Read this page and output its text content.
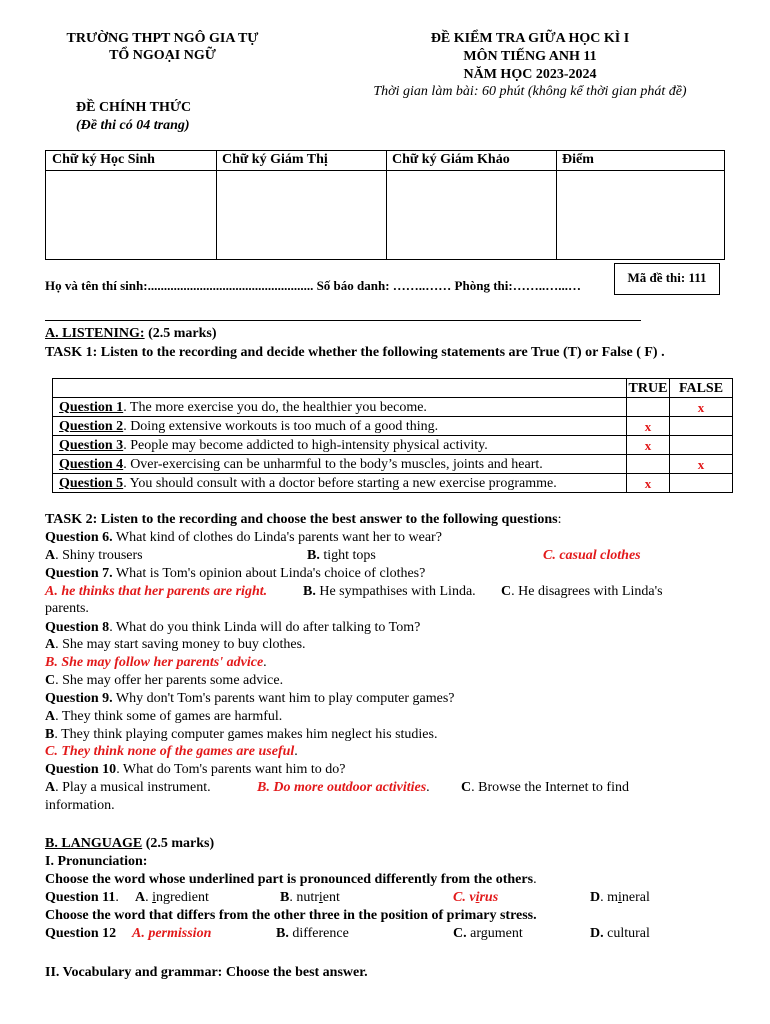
TRƯỜNG THPT NGÔ GIA TỰ
TỔ NGOẠI NGỮ
ĐỀ KIỂM TRA GIỮA HỌC KÌ I
MÔN TIẾNG ANH 11
NĂM HỌC 2023-2024
Thời gian làm bài: 60 phút (không kể thời gian phát đề)
ĐỀ CHÍNH THỨC
(Đề thi có 04 trang)
Chữ ký Học Sinh	Chữ ký Giám Thị	Chữ ký Giám Khảo	Điểm
Họ và tên thí sinh:................................................... Số báo danh: ……..…… Phòng thi:……..…...…
Mã đề thi: 111
A. LISTENING: (2.5 marks)
TASK 1: Listen to the recording and decide whether the following statements are True (T) or False ( F) .
	TRUE	FALSE
Question 1. The more exercise you do, the healthier you become.		x
Question 2. Doing extensive workouts is too much of a good thing.	x	
Question 3. People may become addicted to high-intensity physical activity.	x	
Question 4. Over-exercising can be unharmful to the body’s muscles, joints and heart.		x
Question 5. You should consult with a doctor before starting a new exercise programme.	x	
TASK 2: Listen to the recording and choose the best answer to the following questions:
Question 6. What kind of clothes do Linda's parents want her to wear?
A. Shiny trousers	B. tight tops	C. casual clothes
Question 7. What is Tom's opinion about Linda's choice of clothes?
A. he thinks that her parents are right.	B. He sympathises with Linda. C. He disagrees with Linda's
parents.
Question 8. What do you think Linda will do after talking to Tom?
A. She may start saving money to buy clothes.
B. She may follow her parents' advice.
C. She may offer her parents some advice.
Question 9. Why don't Tom's parents want him to play computer games?
A. They think some of games are harmful.
B. They think playing computer games makes him neglect his studies.
C. They think none of the games are useful.
Question 10. What do Tom's parents want him to do?
A. Play a musical instrument.	B. Do more outdoor activities. C. Browse the Internet to find
information.
B. LANGUAGE (2.5 marks)
I. Pronunciation:
Choose the word whose underlined part is pronounced differently from the others.
Question 11. A. ingredient	B. nutrient	C. virus	D. mineral
Choose the word that differs from the other three in the position of primary stress.
Question 12 A. permission	B. difference	C. argument	D. cultural
II. Vocabulary and grammar: Choose the best answer.
